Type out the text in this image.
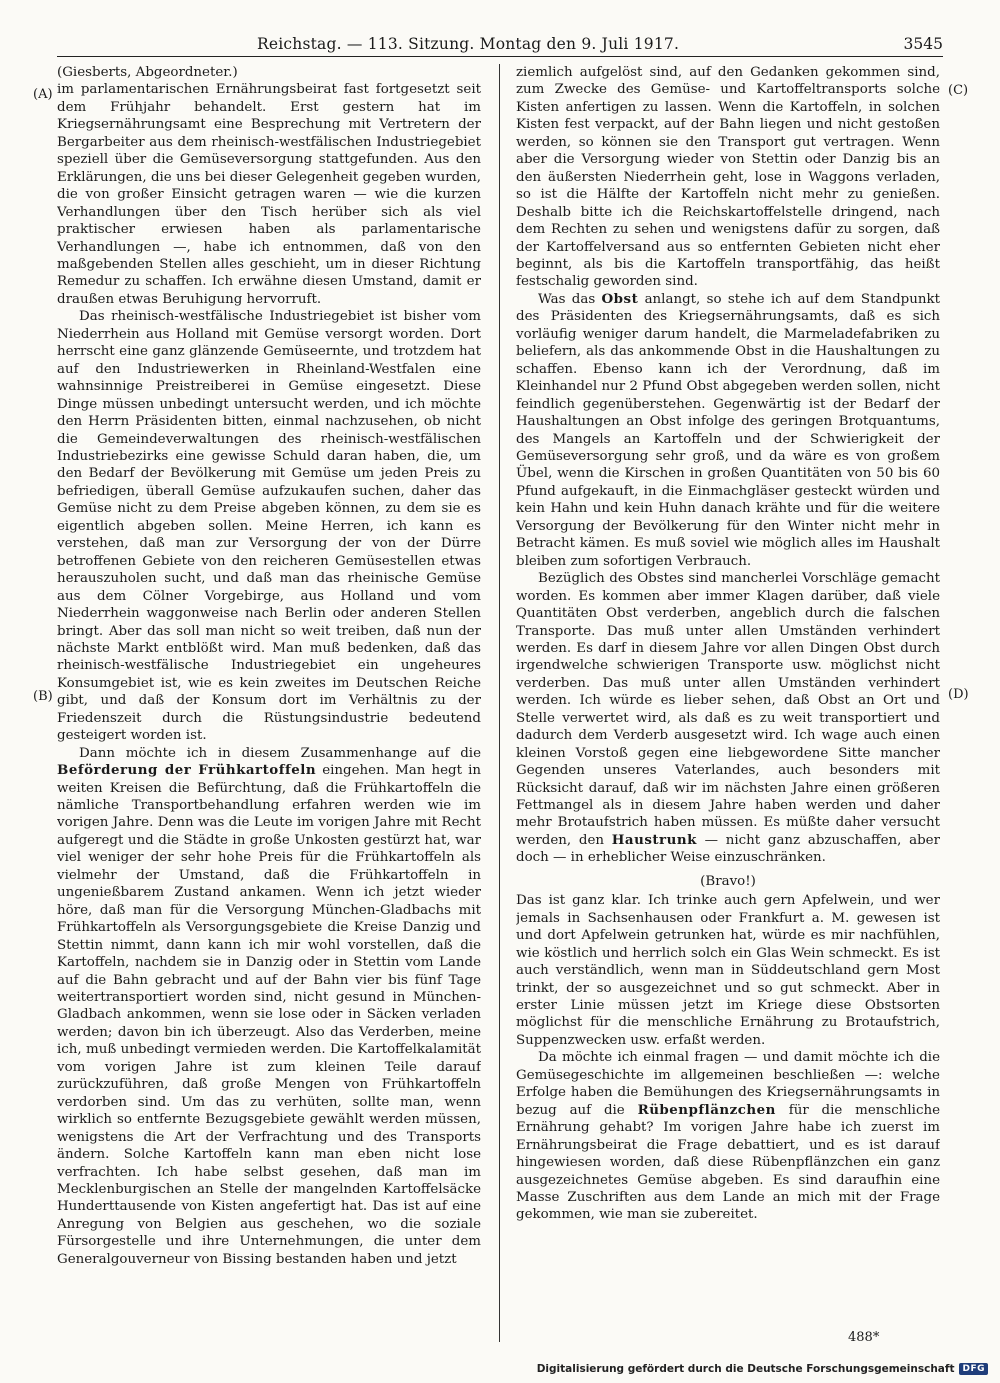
Reichstag. — 113. Sitzung. Montag den 9. Juli 1917.	3545
(A)
(B)
(C)
(D)

(Giesberts, Abgeordneter.)

im parlamentarischen Ernährungsbeirat fast fortgesetzt seit dem Frühjahr behandelt. Erst gestern hat im Kriegsernährungsamt eine Besprechung mit Vertretern der Bergarbeiter aus dem rheinisch-westfälischen Industriegebiet speziell über die Gemüseversorgung stattgefunden. Aus den Erklärungen, die uns bei dieser Gelegenheit gegeben wurden, die von großer Einsicht getragen waren — wie die kurzen Verhandlungen über den Tisch herüber sich als viel praktischer erwiesen haben als parlamentarische Verhandlungen —, habe ich entnommen, daß von den maßgebenden Stellen alles geschieht, um in dieser Richtung Remedur zu schaffen. Ich erwähne diesen Umstand, damit er draußen etwas Beruhigung hervorruft.

Das rheinisch-westfälische Industriegebiet ist bisher vom Niederrhein aus Holland mit Gemüse versorgt worden. Dort herrscht eine ganz glänzende Gemüseernte, und trotzdem hat auf den Industriewerken in Rheinland-Westfalen eine wahnsinnige Preistreiberei in Gemüse eingesetzt. Diese Dinge müssen unbedingt untersucht werden, und ich möchte den Herrn Präsidenten bitten, einmal nachzusehen, ob nicht die Gemeindeverwaltungen des rheinisch-westfälischen Industriebezirks eine gewisse Schuld daran haben, die, um den Bedarf der Bevölkerung mit Gemüse um jeden Preis zu befriedigen, überall Gemüse aufzukaufen suchen, daher das Gemüse nicht zu dem Preise abgeben können, zu dem sie es eigentlich abgeben sollen. Meine Herren, ich kann es verstehen, daß man zur Versorgung der von der Dürre betroffenen Gebiete von den reicheren Gemüsestellen etwas herauszuholen sucht, und daß man das rheinische Gemüse aus dem Cölner Vorgebirge, aus Holland und vom Niederrhein waggonweise nach Berlin oder anderen Stellen bringt. Aber das soll man nicht so weit treiben, daß nun der nächste Markt entblößt wird. Man muß bedenken, daß das rheinisch-westfälische Industriegebiet ein ungeheures Konsumgebiet ist, wie es kein zweites im Deutschen Reiche gibt, und daß der Konsum dort im Verhältnis zu der Friedenszeit durch die Rüstungsindustrie bedeutend gesteigert worden ist.

Dann möchte ich in diesem Zusammenhange auf die Beförderung der Frühkartoffeln eingehen. Man hegt in weiten Kreisen die Befürchtung, daß die Frühkartoffeln die nämliche Transportbehandlung erfahren werden wie im vorigen Jahre. Denn was die Leute im vorigen Jahre mit Recht aufgeregt und die Städte in große Unkosten gestürzt hat, war viel weniger der sehr hohe Preis für die Frühkartoffeln als vielmehr der Umstand, daß die Frühkartoffeln in ungenießbarem Zustand ankamen. Wenn ich jetzt wieder höre, daß man für die Versorgung München-Gladbachs mit Frühkartoffeln als Versorgungsgebiete die Kreise Danzig und Stettin nimmt, dann kann ich mir wohl vorstellen, daß die Kartoffeln, nachdem sie in Danzig oder in Stettin vom Lande auf die Bahn gebracht und auf der Bahn vier bis fünf Tage weitertransportiert worden sind, nicht gesund in München-Gladbach ankommen, wenn sie lose oder in Säcken verladen werden; davon bin ich überzeugt. Also das Verderben, meine ich, muß unbedingt vermieden werden. Die Kartoffelkalamität vom vorigen Jahre ist zum kleinen Teile darauf zurückzuführen, daß große Mengen von Frühkartoffeln verdorben sind. Um das zu verhüten, sollte man, wenn wirklich so entfernte Bezugsgebiete gewählt werden müssen, wenigstens die Art der Verfrachtung und des Transports ändern. Solche Kartoffeln kann man eben nicht lose verfrachten. Ich habe selbst gesehen, daß man im Mecklenburgischen an Stelle der mangelnden Kartoffelsäcke Hunderttausende von Kisten angefertigt hat. Das ist auf eine Anregung von Belgien aus geschehen, wo die soziale Fürsorgestelle und ihre Unternehmungen, die unter dem Generalgouverneur von Bissing bestanden haben und jetzt

ziemlich aufgelöst sind, auf den Gedanken gekommen sind, zum Zwecke des Gemüse- und Kartoffeltransports solche Kisten anfertigen zu lassen. Wenn die Kartoffeln, in solchen Kisten fest verpackt, auf der Bahn liegen und nicht gestoßen werden, so können sie den Transport gut vertragen. Wenn aber die Versorgung wieder von Stettin oder Danzig bis an den äußersten Niederrhein geht, lose in Waggons verladen, so ist die Hälfte der Kartoffeln nicht mehr zu genießen. Deshalb bitte ich die Reichskartoffelstelle dringend, nach dem Rechten zu sehen und wenigstens dafür zu sorgen, daß der Kartoffelversand aus so entfernten Gebieten nicht eher beginnt, als bis die Kartoffeln transportfähig, das heißt festschalig geworden sind.

Was das Obst anlangt, so stehe ich auf dem Standpunkt des Präsidenten des Kriegsernährungsamts, daß es sich vorläufig weniger darum handelt, die Marmeladefabriken zu beliefern, als das ankommende Obst in die Haushaltungen zu schaffen. Ebenso kann ich der Verordnung, daß im Kleinhandel nur 2 Pfund Obst abgegeben werden sollen, nicht feindlich gegenüberstehen. Gegenwärtig ist der Bedarf der Haushaltungen an Obst infolge des geringen Brotquantums, des Mangels an Kartoffeln und der Schwierigkeit der Gemüseversorgung sehr groß, und da wäre es von großem Übel, wenn die Kirschen in großen Quantitäten von 50 bis 60 Pfund aufgekauft, in die Einmachgläser gesteckt würden und kein Hahn und kein Huhn danach krähte und für die weitere Versorgung der Bevölkerung für den Winter nicht mehr in Betracht kämen. Es muß soviel wie möglich alles im Haushalt bleiben zum sofortigen Verbrauch.

Bezüglich des Obstes sind mancherlei Vorschläge gemacht worden. Es kommen aber immer Klagen darüber, daß viele Quantitäten Obst verderben, angeblich durch die falschen Transporte. Das muß unter allen Umständen verhindert werden. Es darf in diesem Jahre vor allen Dingen Obst durch irgendwelche schwierigen Transporte usw. möglichst nicht verderben. Das muß unter allen Umständen verhindert werden. Ich würde es lieber sehen, daß Obst an Ort und Stelle verwertet wird, als daß es zu weit transportiert und dadurch dem Verderb ausgesetzt wird. Ich wage auch einen kleinen Vorstoß gegen eine liebgewordene Sitte mancher Gegenden unseres Vaterlandes, auch besonders mit Rücksicht darauf, daß wir im nächsten Jahre einen größeren Fettmangel als in diesem Jahre haben werden und daher mehr Brotaufstrich haben müssen. Es müßte daher versucht werden, den Haustrunk — nicht ganz abzuschaffen, aber doch — in erheblicher Weise einzuschränken.

(Bravo!)

Das ist ganz klar. Ich trinke auch gern Apfelwein, und wer jemals in Sachsenhausen oder Frankfurt a. M. gewesen ist und dort Apfelwein getrunken hat, würde es mir nachfühlen, wie köstlich und herrlich solch ein Glas Wein schmeckt. Es ist auch verständlich, wenn man in Süddeutschland gern Most trinkt, der so ausgezeichnet und so gut schmeckt. Aber in erster Linie müssen jetzt im Kriege diese Obstsorten möglichst für die menschliche Ernährung zu Brotaufstrich, Suppenzwecken usw. erfaßt werden.

Da möchte ich einmal fragen — und damit möchte ich die Gemüsegeschichte im allgemeinen beschließen —: welche Erfolge haben die Bemühungen des Kriegsernährungsamts in bezug auf die Rübenpflänzchen für die menschliche Ernährung gehabt? Im vorigen Jahre habe ich zuerst im Ernährungsbeirat die Frage debattiert, und es ist darauf hingewiesen worden, daß diese Rübenpflänzchen ein ganz ausgezeichnetes Gemüse abgeben. Es sind daraufhin eine Masse Zuschriften aus dem Lande an mich mit der Frage gekommen, wie man sie zubereitet.

488*
Digitalisierung gefördert durch die Deutsche Forschungsgemeinschaft DFG
